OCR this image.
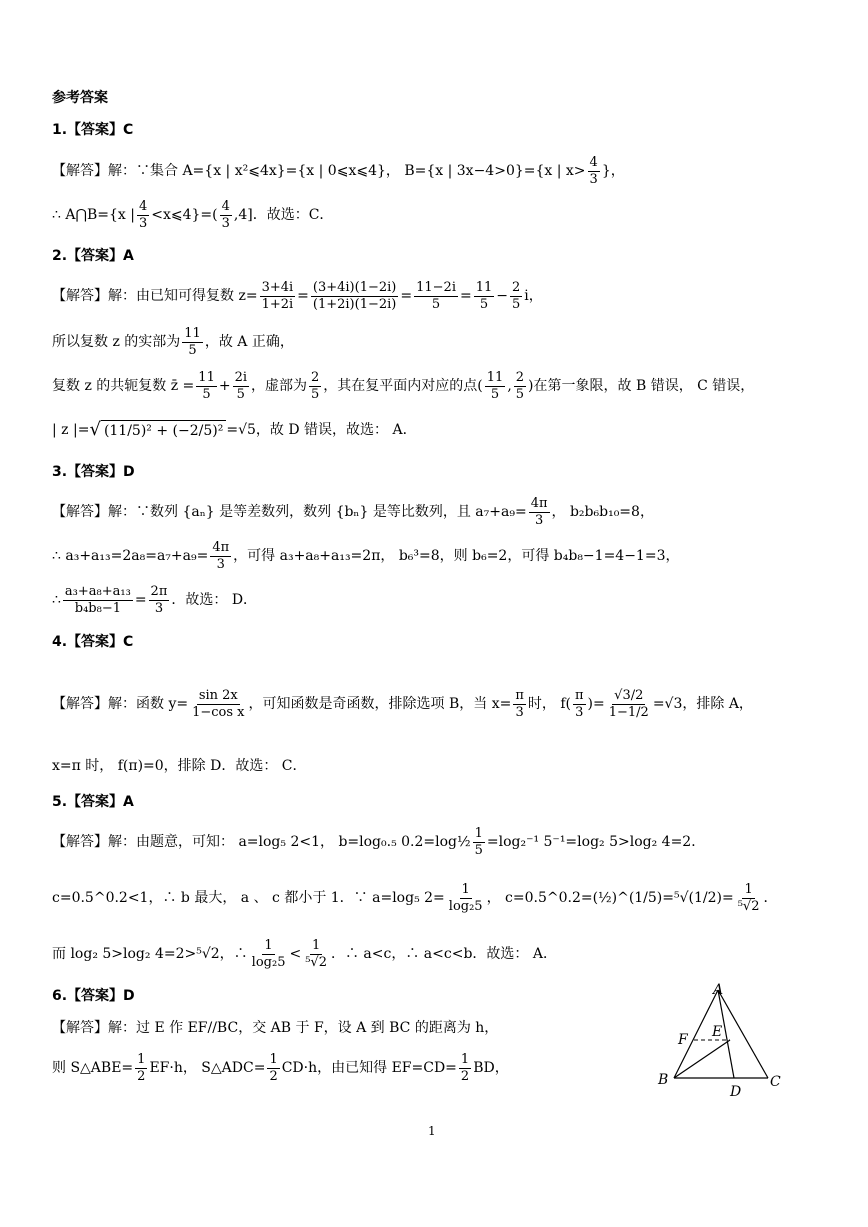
参考答案
1.【答案】C
【解答】解：∵集合 A={x | x²⩽4x}={x | 0⩽x⩽4}， B={x | 3x−4>0}={x | $x> \frac{4}{3}$ }，
∴ A⋂B={x | $\frac{4}{3}$ <x⩽4}=( $\frac{4}{3} ,4$]．故选：C．
2.【答案】A
【解答】解：由已知可得复数 $z= \frac{3+4i}{1+2i} = \frac{(3+4i)(1-2i)}{(1+2i)(1-2i)} = \frac{11-2i}{5} = \frac{11}{5} - \frac{2}{5}$ i，
所以复数 z 的实部为 $\frac{11}{5}$ ，故 A 正确，
复数 z 的共轭复数 z̄ = $\frac{11}{5} + \frac{2i}{5}$ ，虚部为 $\frac{2}{5}$ ，其在复平面内对应的点( $\frac{11}{5}$ , $\frac{2}{5}$ )在第一象限，故 B 错误， C 错误，
| z |= √ (11/5)² + (−2/5)² =√5，故 D 错误，故选： A．
3.【答案】D
【解答】解：∵数列 {aₙ} 是等差数列，数列 {bₙ} 是等比数列，且 $a_7+a_9= \frac{4\pi}{3}$ ， b₂b₆b₁₀=8，
∴ $a_3+a_{13}=2a_8=a_7+a_9= \frac{4\pi}{3}$ ，可得 a₃+a₈+a₁₃=2π， b₆³=8，则 b₆=2，可得 b₄b₈−1=4−1=3，
∴ $\frac{\text{a₃+a₈+a₁₃}}{\text{b₄b₈−1}} = \frac{2\pi}{3}$ ．故选： D．
4.【答案】C
【解答】解：函数 $y= \frac{\sin 2x}{\text{1−cos x}}$ ，可知函数是奇函数，排除选项 B，当 $x= \frac{\pi}{3}$ 时， $f( \frac{\pi}{3}$ )= $\frac{√3/2}{1-1/2} =√3$，排除 A，
x=π 时， f(π)=0，排除 D．故选： C．
5.【答案】A
【解答】解：由题意，可知： a=log₅ 2<1， b=log₀.₅ 0.2=log½ $\frac{1}{5} =\log_2^{-1}$ 5⁻¹=log₂ 5>log₂ 4=2．
c=0.5^0.2<1，∴ b 最大， a 、 c 都小于 1．∵ a=log₅ $2= \frac{1}{\text{log₂5}}$ ， c=0.5^0.2=(½)^(1/5)=⁵√(1/2)= $\frac{1}{\text{⁵√2}}$ ．
而 log₂ 5>log₂ 4=2>⁵√2，∴ $\frac{1}{\text{log₂5}} < \frac{1}{\text{⁵√2}}$ ．∴ a<c，∴ a<c<b．故选： A．
6.【答案】D
【解答】解：过 E 作 EF//BC，交 AB 于 F，设 A 到 BC 的距离为 h，
则 S△ABE= $\frac{1}{2} EF\cdot h$， S△ADC= $\frac{1}{2} CD\cdot h$，由已知得 $EF=CD= \frac{1}{2}$ BD，
A
B	C
D
E
F
1
